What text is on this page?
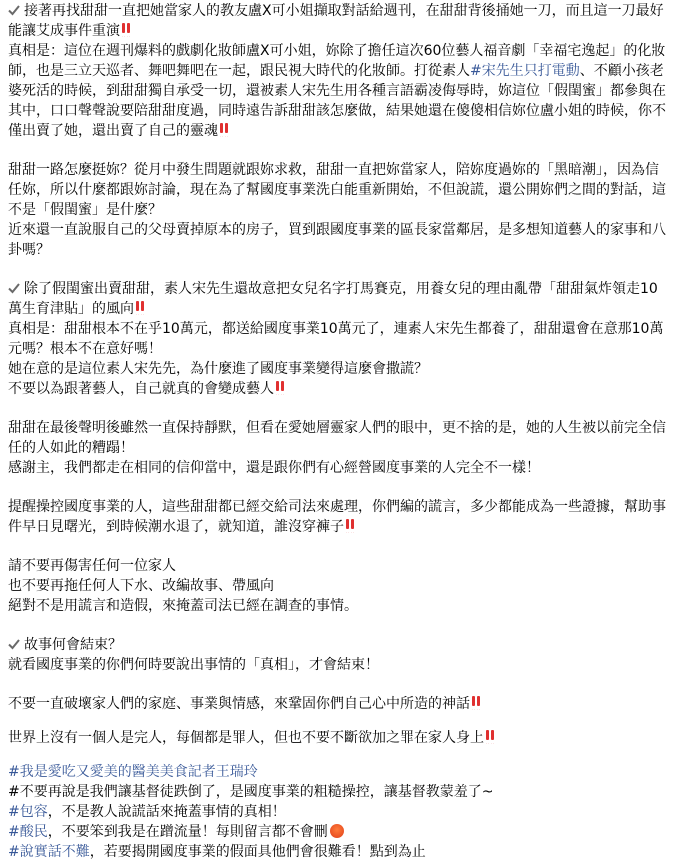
接著再找甜甜一直把她當家人的教友盧X可小姐擷取對話給週刊，在甜甜背後捅她一刀，而且這一刀最好能讓艾成事件重演
真相是：這位在週刊爆料的戲劇化妝師盧X可小姐，妳除了擔任這次60位藝人福音劇「幸福宅逸起」的化妝師，也是三立天巡者、舞吧舞吧在一起，跟民視大時代的化妝師。打從素人#宋先生只打電動、不顧小孩老婆死活的時候，到甜甜獨自承受一切，還被素人宋先生用各種言語霸凌侮辱時，妳這位「假閨蜜」都參與在其中，口口聲聲說要陪甜甜度過，同時遠告訴甜甜該怎麼做，結果她還在傻傻相信妳位盧小姐的時候，你不僅出賣了她，還出賣了自己的靈魂

甜甜一路怎麼挺妳？從月中發生問題就跟妳求救，甜甜一直把妳當家人，陪妳度過妳的「黑暗潮」，因為信任妳，所以什麼都跟妳討論，現在為了幫國度事業洗白能重新開始，不但說謊，還公開妳們之間的對話，這不是「假閨蜜」是什麼？
近來還一直說服自己的父母賣掉原本的房子，買到跟國度事業的區長家當鄰居，是多想知道藝人的家事和八卦嗎？

除了假閨蜜出賣甜甜，素人宋先生還故意把女兒名字打馬賽克，用養女兒的理由亂帶「甜甜氣炸領走10萬生育津貼」的風向
真相是：甜甜根本不在乎10萬元，都送給國度事業10萬元了，連素人宋先生都養了，甜甜還會在意那10萬元嗎？根本不在意好嗎！
她在意的是這位素人宋先先，為什麼進了國度事業變得這麼會撒謊？
不要以為跟著藝人，自己就真的會變成藝人

甜甜在最後聲明後雖然一直保持靜默，但看在愛她層靈家人們的眼中，更不捨的是，她的人生被以前完全信任的人如此的糟蹋！
感謝主，我們都走在相同的信仰當中，還是跟你們有心經營國度事業的人完全不一樣！

提醒操控國度事業的人，這些甜甜都已經交給司法來處理，你們編的謊言，多少都能成為一些證據，幫助事件早日見曙光，到時候潮水退了，就知道，誰沒穿褲子

請不要再傷害任何一位家人
也不要再拖任何人下水、改編故事、帶風向
絕對不是用謊言和造假，來掩蓋司法已經在調查的事情。

故事何會結束？
就看國度事業的你們何時要說出事情的「真相」，才會結束！

不要一直破壞家人們的家庭、事業與情感，來鞏固你們自己心中所造的神話

世界上沒有一個人是完人，每個都是罪人，但也不要不斷欲加之罪在家人身上

#我是愛吃又愛美的醫美美食記者王瑞玲
#不要再說是我們讓基督徒跌倒了，是國度事業的粗糙操控，讓基督教蒙羞了~
#包容，不是教人說謊話來掩蓋事情的真相！
#酸民，不要笨到我是在蹭流量！每則留言都不會刪
#說實話不難，若要揭開國度事業的假面具他們會很難看！點到為止
